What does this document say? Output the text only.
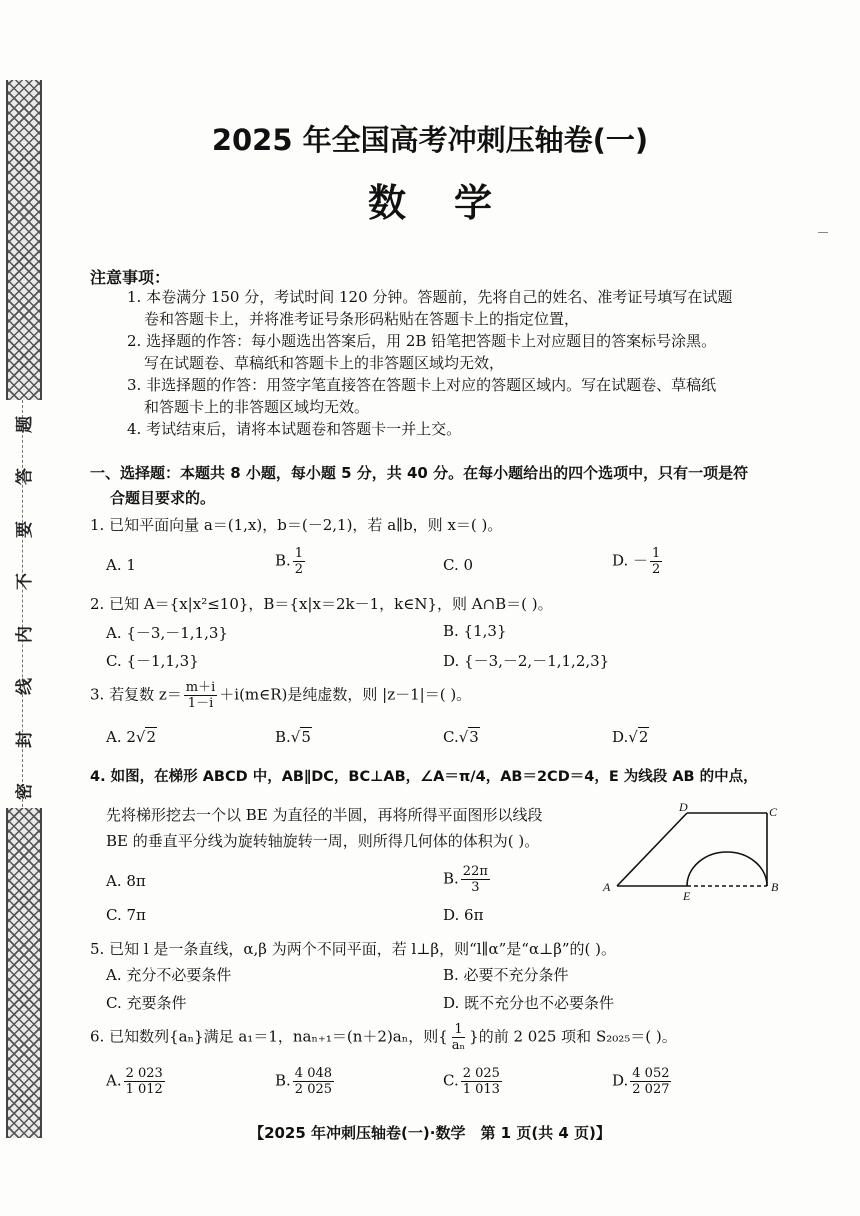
题
答
要
不
内
线
封
密
2025 年全国高考冲刺压轴卷(一)
数学
注意事项：
1. 本卷满分 150 分，考试时间 120 分钟。答题前，先将自己的姓名、准考证号填写在试题
卷和答题卡上，并将准考证号条形码粘贴在答题卡上的指定位置，
2. 选择题的作答：每小题选出答案后，用 2B 铅笔把答题卡上对应题目的答案标号涂黑。
写在试题卷、草稿纸和答题卡上的非答题区域均无效，
3. 非选择题的作答：用签字笔直接答在答题卡上对应的答题区域内。写在试题卷、草稿纸
和答题卡上的非答题区域均无效。
4. 考试结束后，请将本试题卷和答题卡一并上交。
一、选择题：本题共 8 小题，每小题 5 分，共 40 分。在每小题给出的四个选项中，只有一项是符
合题目要求的。
1. 已知平面向量 a＝(1,x)，b＝(－2,1)，若 a∥b，则 x＝( )。
A. 1	B. $\frac{1}{2}$	C. 0	D. － $\frac{1}{2}$
2. 已知 A＝{x|x²≤10}，B＝{x|x＝2k－1，k∈N}，则 A∩B＝( )。
A. {－3,－1,1,3}	B. {1,3}
C. {－1,1,3}	D. {－3,－2,－1,1,2,3}
3. 若复数 $z= \frac{m+i}{1-i}$ ＋i(m∈R)是纯虚数，则 |z－1|＝( )。
A. 2√2	B.√5	C.√3	D.√2
4. 如图，在梯形 ABCD 中，AB∥DC，BC⊥AB，∠A＝π/4，AB＝2CD＝4，E 为线段 AB 的中点，
先将梯形挖去一个以 BE 为直径的半圆，再将所得平面图形以线段
BE 的垂直平分线为旋转轴旋转一周，则所得几何体的体积为( )。
A. 8π	B. $\frac{22\pi}{3}$
C. 7π	D. 6π
A	B
C
D
E
5. 已知 l 是一条直线，α,β 为两个不同平面，若 l⊥β，则“l∥α”是“α⊥β”的( )。
A. 充分不必要条件	B. 必要不充分条件
C. 充要条件	D. 既不充分也不必要条件
6. 已知数列{aₙ}满足 a₁＝1，naₙ₊₁＝(n＋2)aₙ，则{ $\frac{1}{\text{aₙ}}$ }的前 2 025 项和 S₂₀₂₅＝( )。
A. $\frac{2 023}{1 012}$	B. $\frac{4 048}{2 025}$	C. $\frac{2 025}{1 013}$	D. $\frac{4 052}{2 027}$
【2025 年冲刺压轴卷(一)·数学　第 1 页(共 4 页)】
